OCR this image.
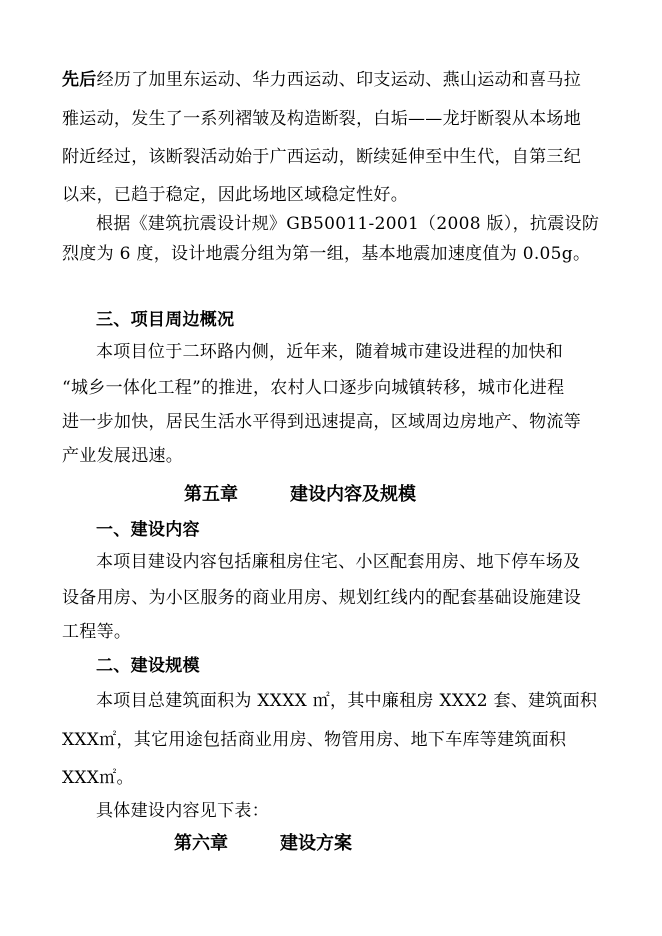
先后经历了加里东运动、华力西运动、印支运动、燕山运动和喜马拉
雅运动，发生了一系列褶皱及构造断裂，白垢——龙圩断裂从本场地
附近经过，该断裂活动始于广西运动，断续延伸至中生代，自第三纪
以来，已趋于稳定，因此场地区域稳定性好。
根据《建筑抗震设计规》GB50011-2001（2008 版），抗震设防
烈度为 6 度，设计地震分组为第一组，基本地震加速度值为 0.05g。
三、项目周边概况
本项目位于二环路内侧，近年来，随着城市建设进程的加快和
“城乡一体化工程”的推进，农村人口逐步向城镇转移，城市化进程
进一步加快，居民生活水平得到迅速提高，区域周边房地产、物流等
产业发展迅速。
第五章	建设内容及规模
一、建设内容
本项目建设内容包括廉租房住宅、小区配套用房、地下停车场及
设备用房、为小区服务的商业用房、规划红线内的配套基础设施建设
工程等。
二、建设规模
本项目总建筑面积为 XXXX ㎡，其中廉租房 XXX2 套、建筑面积
XXX㎡，其它用途包括商业用房、物管用房、地下车库等建筑面积
XXX㎡。
具体建设内容见下表：
第六章	建设方案
